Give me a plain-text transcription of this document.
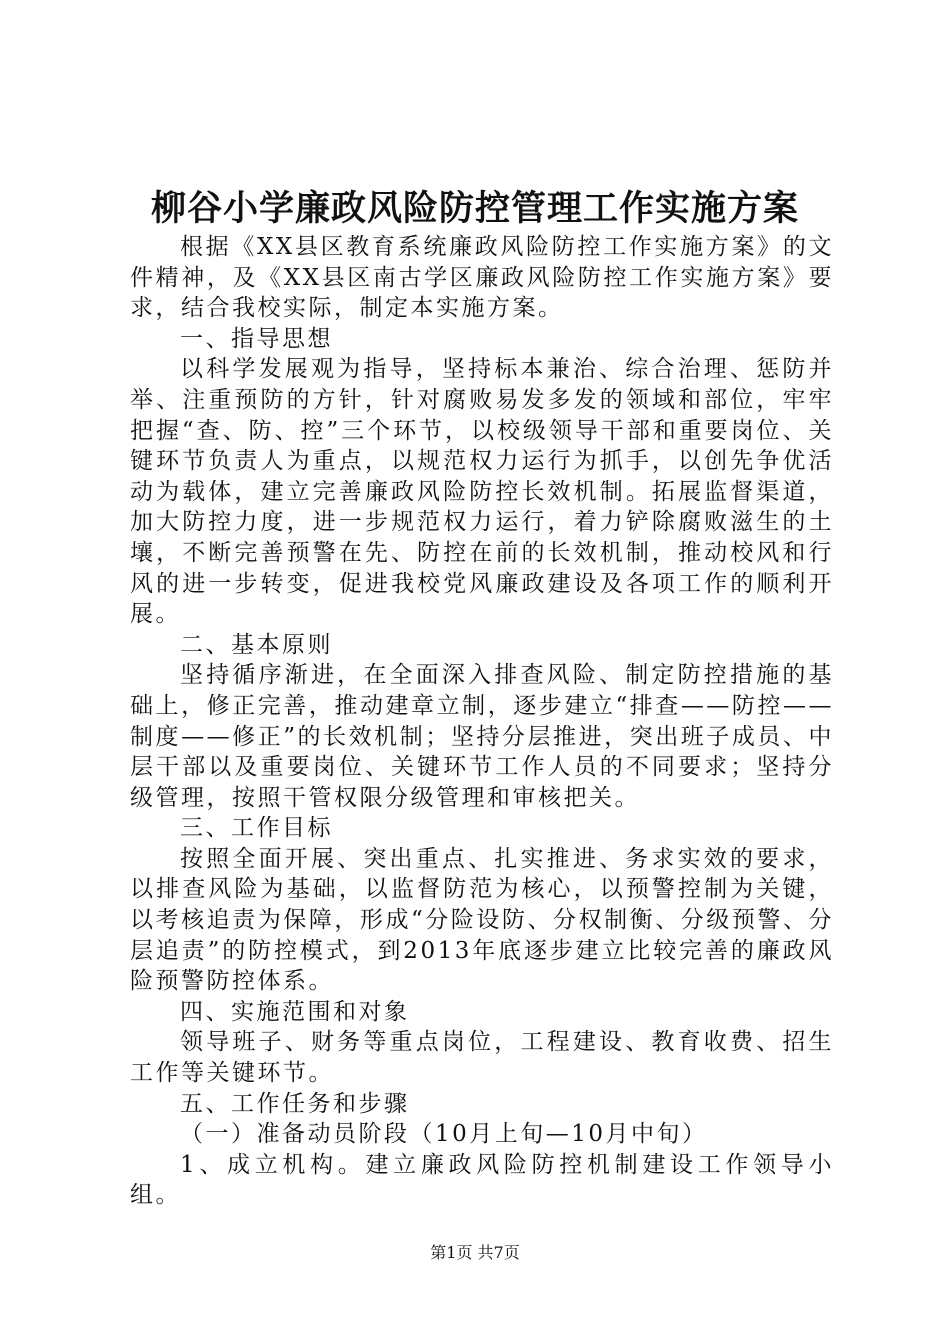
柳谷小学廉政风险防控管理工作实施方案

根据《XX县区教育系统廉政风险防控工作实施方案》的文件精神，及《XX县区南古学区廉政风险防控工作实施方案》要求，结合我校实际，制定本实施方案。

一、指导思想

以科学发展观为指导，坚持标本兼治、综合治理、惩防并举、注重预防的方针，针对腐败易发多发的领域和部位，牢牢把握“查、防、控”三个环节，以校级领导干部和重要岗位、关键环节负责人为重点，以规范权力运行为抓手，以创先争优活动为载体，建立完善廉政风险防控长效机制。拓展监督渠道，加大防控力度，进一步规范权力运行，着力铲除腐败滋生的土壤，不断完善预警在先、防控在前的长效机制，推动校风和行风的进一步转变，促进我校党风廉政建设及各项工作的顺利开展。

二、基本原则

坚持循序渐进，在全面深入排查风险、制定防控措施的基础上，修正完善，推动建章立制，逐步建立“排查——防控——制度——修正”的长效机制；坚持分层推进，突出班子成员、中层干部以及重要岗位、关键环节工作人员的不同要求；坚持分级管理，按照干管权限分级管理和审核把关。

三、工作目标

按照全面开展、突出重点、扎实推进、务求实效的要求，以排查风险为基础，以监督防范为核心，以预警控制为关键，以考核追责为保障，形成“分险设防、分权制衡、分级预警、分层追责”的防控模式，到2013年底逐步建立比较完善的廉政风险预警防控体系。

四、实施范围和对象

领导班子、财务等重点岗位，工程建设、教育收费、招生工作等关键环节。

五、工作任务和步骤

（一）准备动员阶段（10月上旬—10月中旬）

1、成立机构。建立廉政风险防控机制建设工作领导小组。

第1页 共7页
